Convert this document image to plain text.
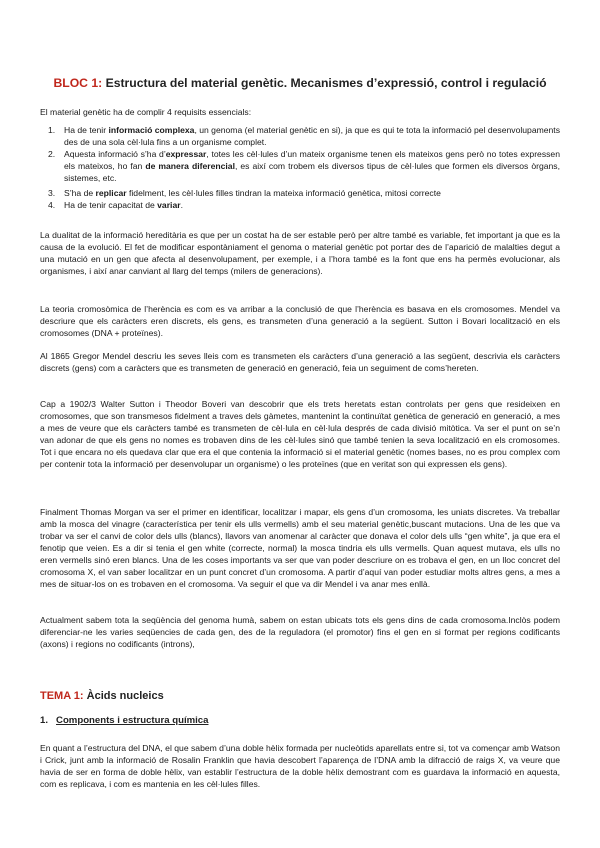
BLOC 1: Estructura del material genètic. Mecanismes d’expressió, control i regulació

El material genètic ha de complir 4 requisits essencials:

1. Ha de tenir informació complexa, un genoma (el material genètic en si), ja que es qui te tota la informació pel desenvolupaments des de una sola cèl·lula fins a un organisme complet.
2. Aquesta informació s’ha d’expressar, totes les cèl·lules d’un mateix organisme tenen els mateixos gens però no totes expressen els mateixos, ho fan de manera diferencial, es així com trobem els diversos tipus de cèl·lules que formen els diversos òrgans, sistemes, etc.
3. S’ha de replicar fidelment, les cèl·lules filles tindran la mateixa informació genètica, mitosi correcte
4. Ha de tenir capacitat de variar.

La dualitat de la informació hereditària es que per un costat ha de ser estable però per altre també es variable, fet important ja que es la causa de la evolució. El fet de modificar espontàniament el genoma o material genètic pot portar des de l’aparició de malalties degut a una mutació en un gen que afecta al desenvolupament, per exemple, i a l’hora també es la font que ens ha permès evolucionar, als organismes, i així anar canviant al llarg del temps (milers de generacions).

La teoria cromosòmica de l’herència es com es va arribar a la conclusió de que l’herència es basava en els cromosomes. Mendel va descriure que els caràcters eren discrets, els gens, es transmeten d’una generació a la següent. Sutton i Bovari localització en els cromosomes (DNA + proteïnes).

Al 1865 Gregor Mendel descriu les seves lleis com es transmeten els caràcters d’una generació a las següent, descrivia els caràcters discrets (gens) com a caràcters que es transmeten de generació en generació, feia un seguiment de coms’hereten.

Cap a 1902/3 Walter Sutton i Theodor Boveri van descobrir que els trets heretats estan controlats per gens que resideixen en cromosomes, que son transmesos fidelment a traves dels gàmetes, mantenint la continuïtat genètica de generació en generació, a mes a mes de veure que els caràcters també es transmeten de cèl·lula en cèl·lula després de cada divisió mitòtica. Va ser el punt on se’n van adonar de que els gens no nomes es trobaven dins de les cèl·lules sinó que també tenien la seva localització en els cromosomes. Tot i que encara no els quedava clar que era el que contenia la informació si el material genètic (nomes bases, no es prou complex com per contenir tota la informació per desenvolupar un organisme) o les proteïnes (que en veritat son qui expressen els gens).

Finalment Thomas Morgan va ser el primer en identificar, localitzar i mapar, els gens d’un cromosoma, les uniats discretes. Va treballar amb la mosca del vinagre (característica per tenir els ulls vermells) amb el seu material genètic,buscant mutacions. Una de les que va trobar va ser el canvi de color dels ulls (blancs), llavors van anomenar al caràcter que donava el color dels ulls “gen white”, ja que era el fenotip que veien. Es a dir si tenia el gen white (correcte, normal) la mosca tindria els ulls vermells. Quan aquest mutava, els ulls no eren vermells sinó eren blancs. Una de les coses importants va ser que van poder descriure on es trobava el gen, en un lloc concret del cromosoma X, el van saber localitzar en un punt concret d’un cromosoma. A partir d’aquí van poder estudiar molts altres gens, a mes a mes de situar-los on es trobaven en el cromosoma. Va seguir el que va dir Mendel i va anar mes enllà.

Actualment sabem tota la seqüència del genoma humà, sabem on estan ubicats tots els gens dins de cada cromosoma.Inclòs podem diferenciar-ne les varies seqüencies de cada gen, des de la reguladora (el promotor) fins el gen en si format per regions codificants (axons) i regions no codificants (introns),

TEMA 1: Àcids nucleics
1. Components i estructura química

En quant a l’estructura del DNA, el que sabem d’una doble hèlix formada per nucleòtids aparellats entre si, tot va començar amb Watson i Crick, junt amb la informació de Rosalin Franklin que havia descobert l’aparença de l’DNA amb la difracció de raigs X, va veure que havia de ser en forma de doble hèlix, van establir l’estructura de la doble hèlix demostrant com es guardava la informació en aquesta, com es replicava, i com es mantenia en les cèl·lules filles.
